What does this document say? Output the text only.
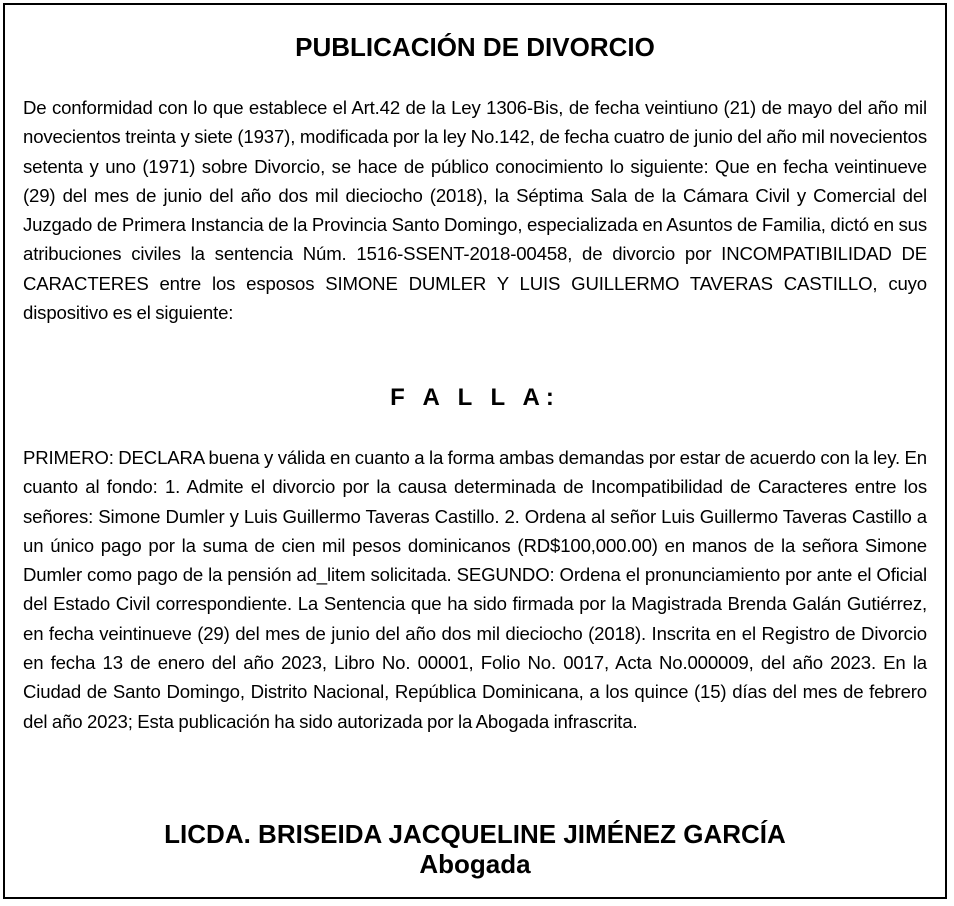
PUBLICACIÓN DE DIVORCIO

De conformidad con lo que establece el Art.42 de la Ley 1306-Bis, de fecha veintiuno (21) de mayo del año mil novecientos treinta y siete (1937), modificada por la ley No.142, de fecha cuatro de junio del año mil novecientos setenta y uno (1971) sobre Divorcio, se hace de público conocimiento lo siguiente: Que en fecha veintinueve (29) del mes de junio del año dos mil dieciocho (2018), la Séptima Sala de la Cámara Civil y Comercial del Juzgado de Primera Instancia de la Provincia Santo Domingo, especializada en Asuntos de Familia, dictó en sus atribuciones civiles la sentencia Núm. 1516-SSENT-2018-00458, de divorcio por INCOMPATIBILIDAD DE CARACTERES entre los esposos SIMONE DUMLER Y LUIS GUILLERMO TAVERAS CASTILLO, cuyo dispositivo es el siguiente:

F A L L A:

PRIMERO: DECLARA buena y válida en cuanto a la forma ambas demandas por estar de acuerdo con la ley. En cuanto al fondo: 1. Admite el divorcio por la causa determinada de Incompatibilidad de Caracteres entre los señores: Simone Dumler y Luis Guillermo Taveras Castillo. 2. Ordena al señor Luis Guillermo Taveras Castillo a un único pago por la suma de cien mil pesos dominicanos (RD$100,000.00) en manos de la señora Simone Dumler como pago de la pensión ad_litem solicitada. SEGUNDO: Ordena el pronunciamiento por ante el Oficial del Estado Civil correspondiente. La Sentencia que ha sido firmada por la Magistrada Brenda Galán Gutiérrez, en fecha veintinueve (29) del mes de junio del año dos mil dieciocho (2018). Inscrita en el Registro de Divorcio en fecha 13 de enero del año 2023, Libro No. 00001, Folio No. 0017, Acta No.000009, del año 2023. En la Ciudad de Santo Domingo, Distrito Nacional, República Dominicana, a los quince (15) días del mes de febrero del año 2023; Esta publicación ha sido autorizada por la Abogada infrascrita.

LICDA. BRISEIDA JACQUELINE JIMÉNEZ GARCÍA
Abogada
